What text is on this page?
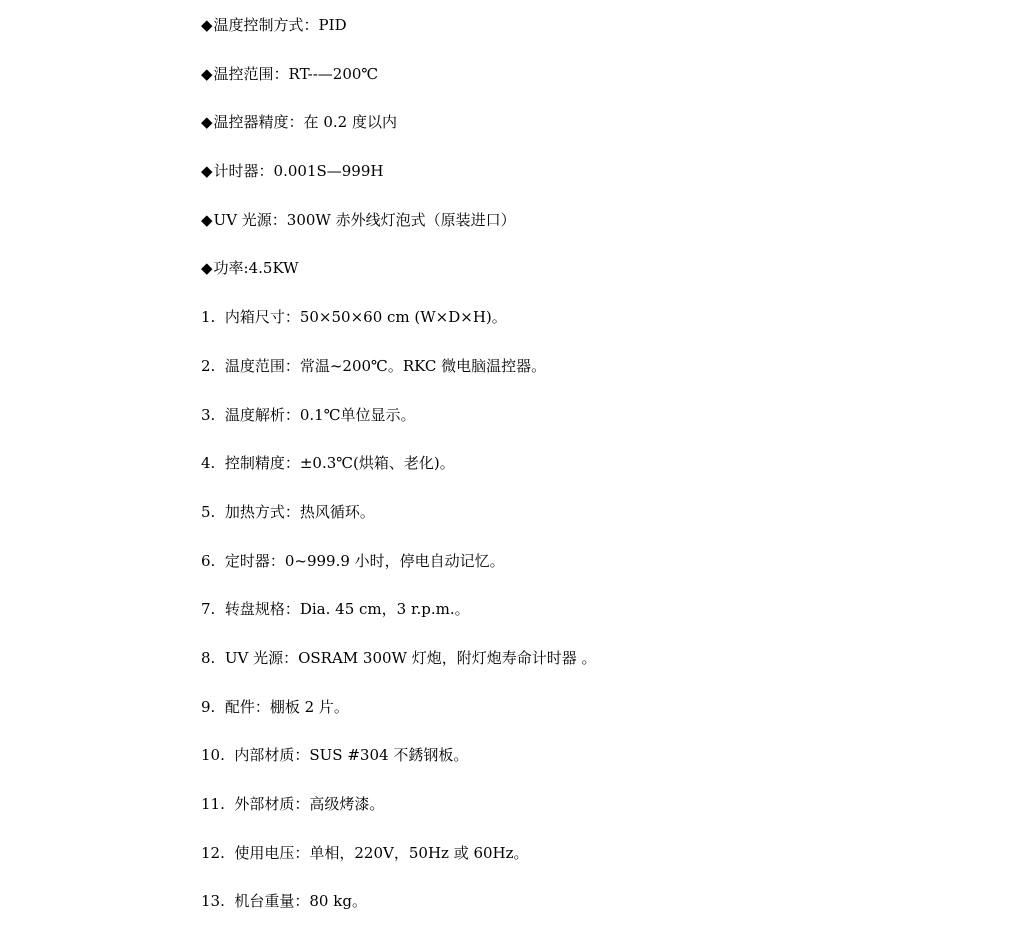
◆温度控制方式：PID
◆温控范围：RT--—200℃
◆温控器精度：在 0.2 度以内
◆计时器：0.001S—999H
◆UV 光源：300W 赤外线灯泡式（原装进口）
◆功率:4.5KW
1.  内箱尺寸：50×50×60 cm (W×D×H)。
2.  温度范围：常温~200℃。RKC 微电脑温控器。
3.  温度解析：0.1℃单位显示。
4.  控制精度：±0.3℃(烘箱、老化)。
5.  加热方式：热风循环。
6.  定时器：0~999.9 小时，停电自动记忆。
7.  转盘规格：Dia. 45 cm，3 r.p.m.。
8.  UV 光源：OSRAM 300W 灯炮，附灯炮寿命计时器 。
9.  配件：棚板 2 片。
10.  内部材质：SUS #304 不銹钢板。
11.  外部材质：高级烤漆。
12.  使用电压：单相，220V，50Hz 或 60Hz。
13.  机台重量：80 kg。
